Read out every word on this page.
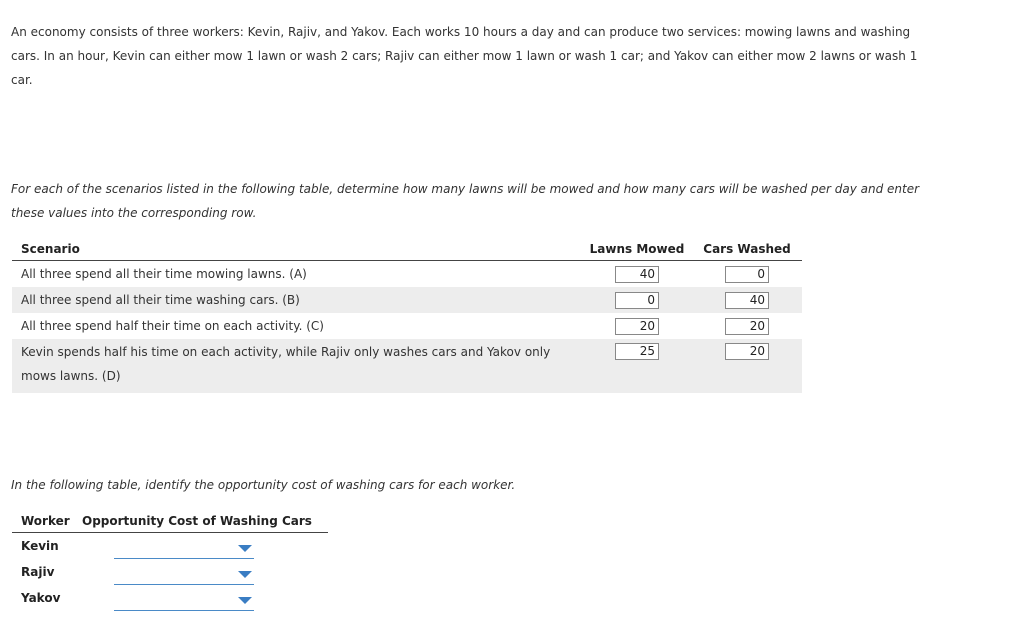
An economy consists of three workers: Kevin, Rajiv, and Yakov. Each works 10 hours a day and can produce two services: mowing lawns and washing cars. In an hour, Kevin can either mow 1 lawn or wash 2 cars; Rajiv can either mow 1 lawn or wash 1 car; and Yakov can either mow 2 lawns or wash 1 car.
For each of the scenarios listed in the following table, determine how many lawns will be mowed and how many cars will be washed per day and enter these values into the corresponding row.
Scenario	Lawns Mowed	Cars Washed
All three spend all their time mowing lawns. (A)	40	0
All three spend all their time washing cars. (B)	0	40
All three spend half their time on each activity. (C)	20	20
Kevin spends half his time on each activity, while Rajiv only washes cars and Yakov only mows lawns. (D)	25	20
In the following table, identify the opportunity cost of washing cars for each worker.
Worker	Opportunity Cost of Washing Cars
Kevin	

Rajiv	

Yakov	
